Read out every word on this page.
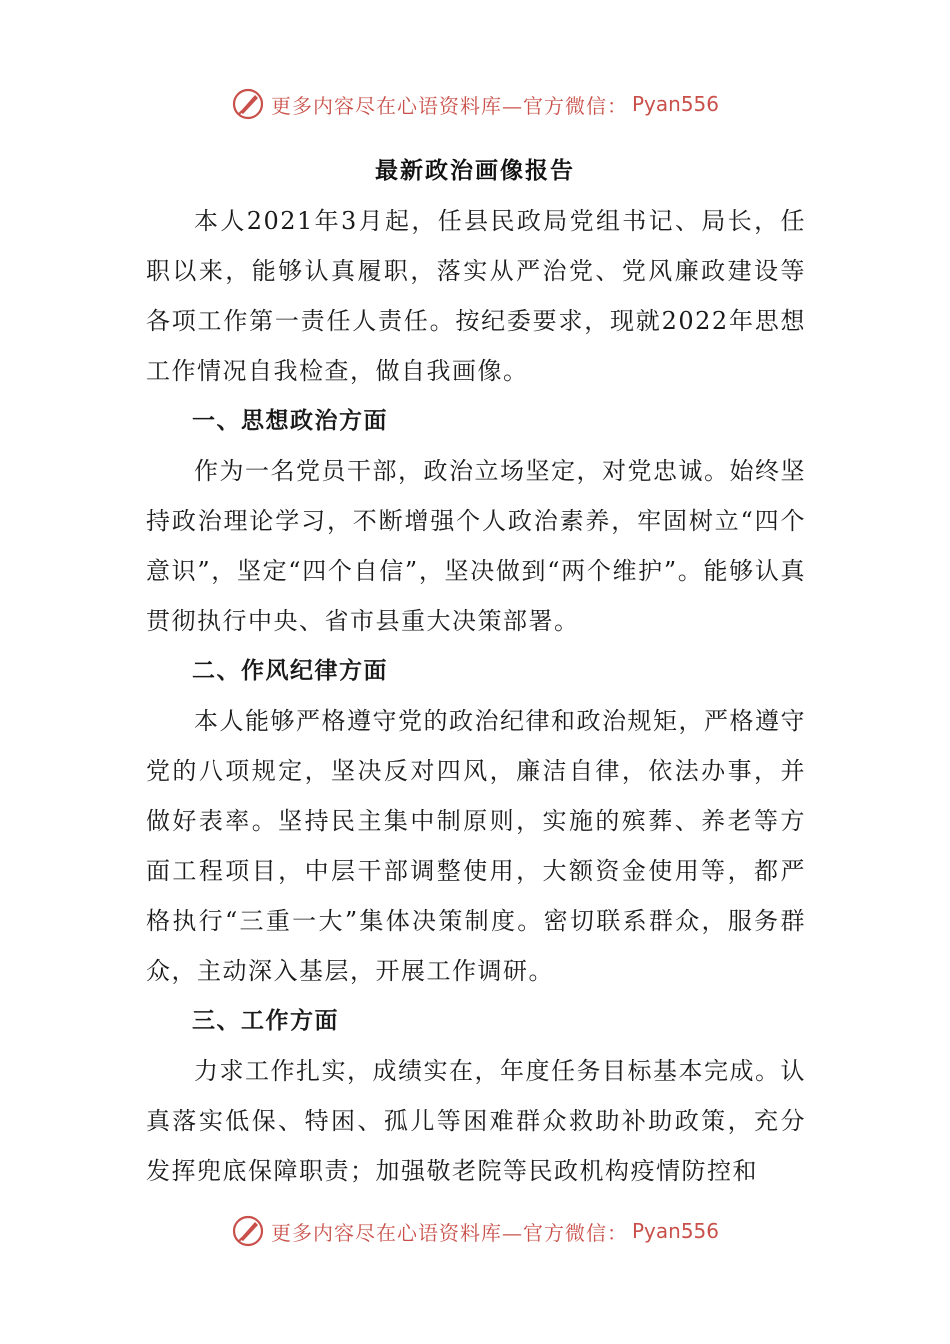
更多内容尽在心语资料库—官方微信： Pyan556
最新政治画像报告

本人2021年3月起，任县民政局党组书记、局长，任职以来，能够认真履职，落实从严治党、党风廉政建设等各项工作第一责任人责任。按纪委要求，现就2022年思想工作情况自我检查，做自我画像。

一、思想政治方面

作为一名党员干部，政治立场坚定，对党忠诚。始终坚持政治理论学习，不断增强个人政治素养，牢固树立“四个意识”，坚定“四个自信”，坚决做到“两个维护”。能够认真贯彻执行中央、省市县重大决策部署。

二、作风纪律方面

本人能够严格遵守党的政治纪律和政治规矩，严格遵守党的八项规定，坚决反对四风，廉洁自律，依法办事，并做好表率。坚持民主集中制原则，实施的殡葬、养老等方面工程项目，中层干部调整使用，大额资金使用等，都严格执行“三重一大”集体决策制度。密切联系群众，服务群众，主动深入基层，开展工作调研。

三、工作方面

力求工作扎实，成绩实在，年度任务目标基本完成。认真落实低保、特困、孤儿等困难群众救助补助政策，充分发挥兜底保障职责；加强敬老院等民政机构疫情防控和

更多内容尽在心语资料库—官方微信： Pyan556
